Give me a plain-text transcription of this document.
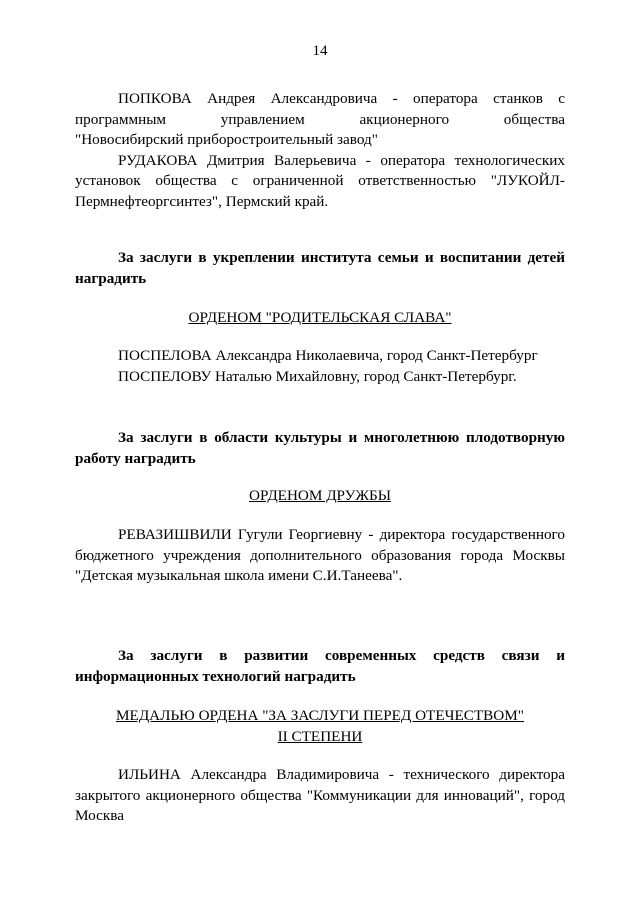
14

ПОПКОВА Андрея Александровича - оператора станков с программным управлением акционерного общества

"Новосибирский приборостроительный завод"

РУДАКОВА Дмитрия Валерьевича - оператора технологических установок общества с ограниченной ответственностью "ЛУКОЙЛ-Пермнефтеоргсинтез", Пермский край.

За заслуги в укреплении института семьи и воспитании детей наградить

ОРДЕНОМ "РОДИТЕЛЬСКАЯ СЛАВА"

ПОСПЕЛОВА Александра Николаевича, город Санкт-Петербург

ПОСПЕЛОВУ Наталью Михайловну, город Санкт-Петербург.

За заслуги в области культуры и многолетнюю плодотворную работу наградить

ОРДЕНОМ ДРУЖБЫ

РЕВАЗИШВИЛИ Гугули Георгиевну - директора государственного бюджетного учреждения дополнительного образования города Москвы "Детская музыкальная школа имени С.И.Танеева".

За заслуги в развитии современных средств связи и информационных технологий наградить

МЕДАЛЬЮ ОРДЕНА "ЗА ЗАСЛУГИ ПЕРЕД ОТЕЧЕСТВОМ"

II СТЕПЕНИ

ИЛЬИНА Александра Владимировича - технического директора закрытого акционерного общества "Коммуникации для инноваций", город Москва
